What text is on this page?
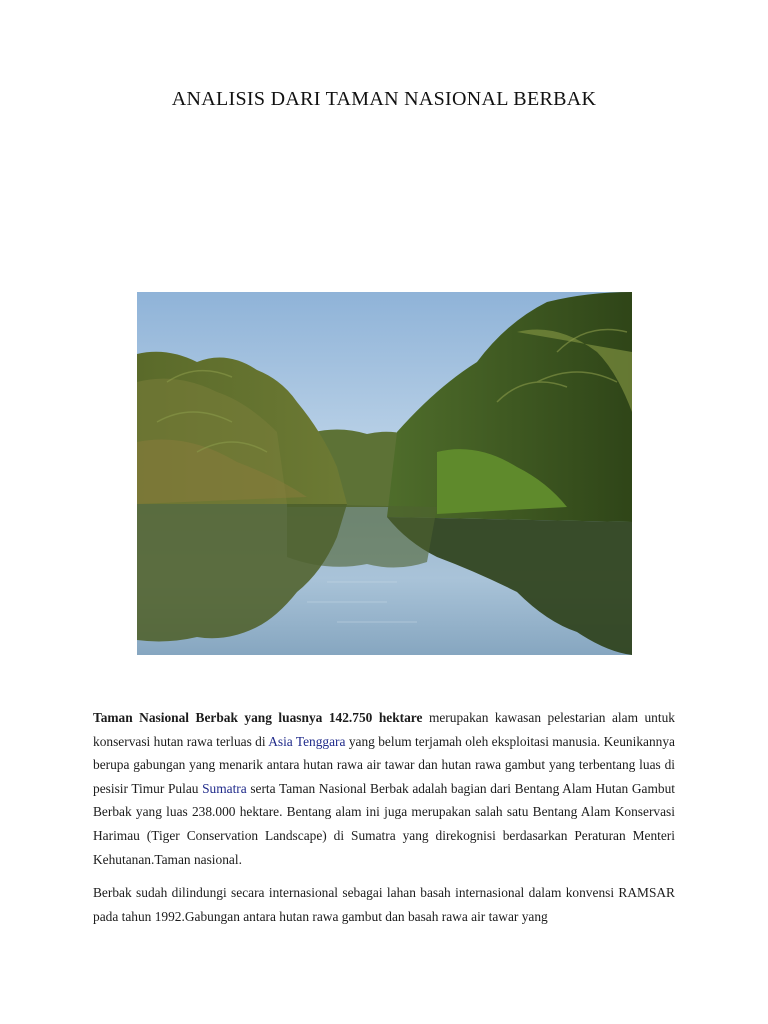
ANALISIS DARI TAMAN NASIONAL BERBAK

Taman Nasional Berbak yang luasnya 142.750 hektare merupakan kawasan pelestarian alam untuk konservasi hutan rawa terluas di Asia Tenggara yang belum terjamah oleh eksploitasi manusia. Keunikannya berupa gabungan yang menarik antara hutan rawa air tawar dan hutan rawa gambut yang terbentang luas di pesisir Timur Pulau Sumatra serta Taman Nasional Berbak adalah bagian dari Bentang Alam Hutan Gambut Berbak yang luas 238.000 hektare. Bentang alam ini juga merupakan salah satu Bentang Alam Konservasi Harimau (Tiger Conservation Landscape) di Sumatra yang direkognisi berdasarkan Peraturan Menteri Kehutanan.Taman nasional.

Berbak sudah dilindungi secara internasional sebagai lahan basah internasional dalam konvensi RAMSAR pada tahun 1992.Gabungan antara hutan rawa gambut dan basah rawa air tawar yang
